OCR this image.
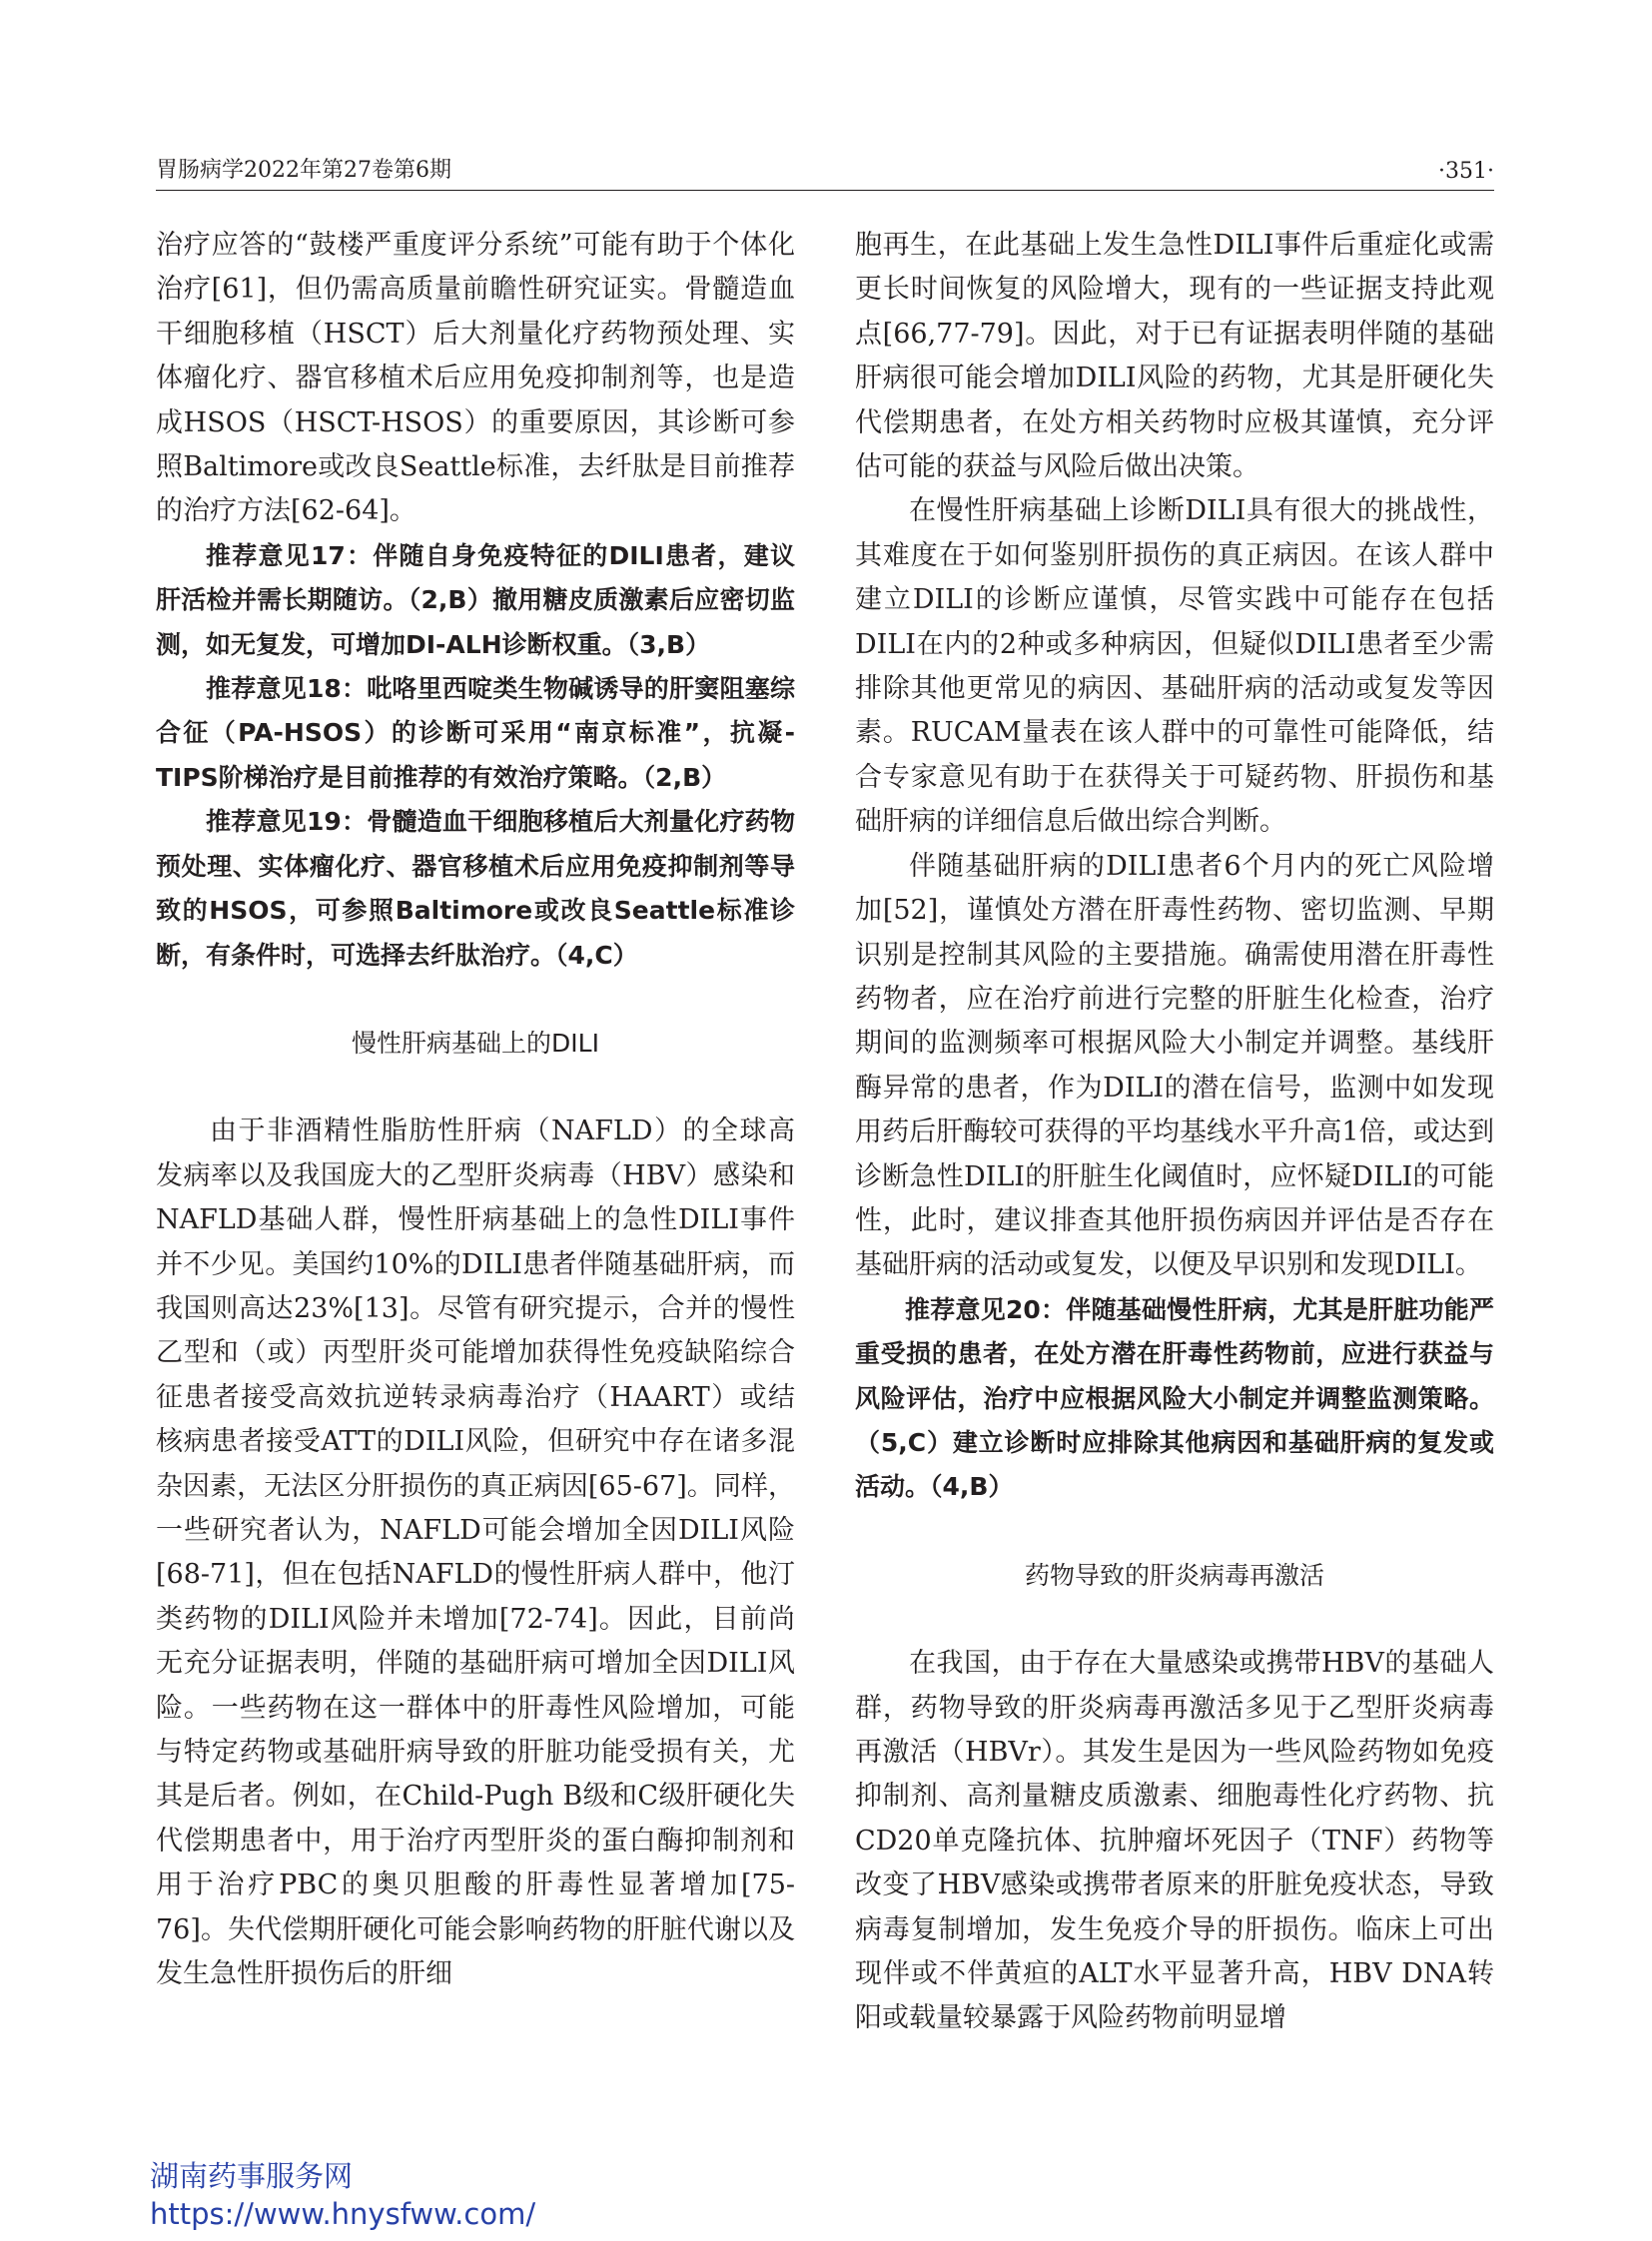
胃肠病学2022年第27卷第6期	·351·

治疗应答的“鼓楼严重度评分系统”可能有助于个体化治疗[61]，但仍需高质量前瞻性研究证实。骨髓造血干细胞移植（HSCT）后大剂量化疗药物预处理、实体瘤化疗、器官移植术后应用免疫抑制剂等，也是造成HSOS（HSCT-HSOS）的重要原因，其诊断可参照Baltimore或改良Seattle标准，去纤肽是目前推荐的治疗方法[62-64]。

推荐意见17：伴随自身免疫特征的DILI患者，建议肝活检并需长期随访。（2,B）撤用糖皮质激素后应密切监测，如无复发，可增加DI-ALH诊断权重。（3,B）

推荐意见18：吡咯里西啶类生物碱诱导的肝窦阻塞综合征（PA-HSOS）的诊断可采用“南京标准”，抗凝-TIPS阶梯治疗是目前推荐的有效治疗策略。（2,B）

推荐意见19：骨髓造血干细胞移植后大剂量化疗药物预处理、实体瘤化疗、器官移植术后应用免疫抑制剂等导致的HSOS，可参照Baltimore或改良Seattle标准诊断，有条件时，可选择去纤肽治疗。（4,C）

慢性肝病基础上的DILI

由于非酒精性脂肪性肝病（NAFLD）的全球高发病率以及我国庞大的乙型肝炎病毒（HBV）感染和NAFLD基础人群，慢性肝病基础上的急性DILI事件并不少见。美国约10%的DILI患者伴随基础肝病，而我国则高达23%[13]。尽管有研究提示，合并的慢性乙型和（或）丙型肝炎可能增加获得性免疫缺陷综合征患者接受高效抗逆转录病毒治疗（HAART）或结核病患者接受ATT的DILI风险，但研究中存在诸多混杂因素，无法区分肝损伤的真正病因[65-67]。同样，一些研究者认为，NAFLD可能会增加全因DILI风险[68-71]，但在包括NAFLD的慢性肝病人群中，他汀类药物的DILI风险并未增加[72-74]。因此，目前尚无充分证据表明，伴随的基础肝病可增加全因DILI风险。一些药物在这一群体中的肝毒性风险增加，可能与特定药物或基础肝病导致的肝脏功能受损有关，尤其是后者。例如，在Child-Pugh B级和C级肝硬化失代偿期患者中，用于治疗丙型肝炎的蛋白酶抑制剂和用于治疗PBC的奥贝胆酸的肝毒性显著增加[75-76]。失代偿期肝硬化可能会影响药物的肝脏代谢以及发生急性肝损伤后的肝细

胞再生，在此基础上发生急性DILI事件后重症化或需更长时间恢复的风险增大，现有的一些证据支持此观点[66,77-79]。因此，对于已有证据表明伴随的基础肝病很可能会增加DILI风险的药物，尤其是肝硬化失代偿期患者，在处方相关药物时应极其谨慎，充分评估可能的获益与风险后做出决策。

在慢性肝病基础上诊断DILI具有很大的挑战性，其难度在于如何鉴别肝损伤的真正病因。在该人群中建立DILI的诊断应谨慎，尽管实践中可能存在包括DILI在内的2种或多种病因，但疑似DILI患者至少需排除其他更常见的病因、基础肝病的活动或复发等因素。RUCAM量表在该人群中的可靠性可能降低，结合专家意见有助于在获得关于可疑药物、肝损伤和基础肝病的详细信息后做出综合判断。

伴随基础肝病的DILI患者6个月内的死亡风险增加[52]，谨慎处方潜在肝毒性药物、密切监测、早期识别是控制其风险的主要措施。确需使用潜在肝毒性药物者，应在治疗前进行完整的肝脏生化检查，治疗期间的监测频率可根据风险大小制定并调整。基线肝酶异常的患者，作为DILI的潜在信号，监测中如发现用药后肝酶较可获得的平均基线水平升高1倍，或达到诊断急性DILI的肝脏生化阈值时，应怀疑DILI的可能性，此时，建议排查其他肝损伤病因并评估是否存在基础肝病的活动或复发，以便及早识别和发现DILI。

推荐意见20：伴随基础慢性肝病，尤其是肝脏功能严重受损的患者，在处方潜在肝毒性药物前，应进行获益与风险评估，治疗中应根据风险大小制定并调整监测策略。（5,C）建立诊断时应排除其他病因和基础肝病的复发或活动。（4,B）

药物导致的肝炎病毒再激活

在我国，由于存在大量感染或携带HBV的基础人群，药物导致的肝炎病毒再激活多见于乙型肝炎病毒再激活（HBVr）。其发生是因为一些风险药物如免疫抑制剂、高剂量糖皮质激素、细胞毒性化疗药物、抗CD20单克隆抗体、抗肿瘤坏死因子（TNF）药物等改变了HBV感染或携带者原来的肝脏免疫状态，导致病毒复制增加，发生免疫介导的肝损伤。临床上可出现伴或不伴黄疸的ALT水平显著升高，HBV DNA转阳或载量较暴露于风险药物前明显增

湖南药事服务网
https://www.hnysfww.com/
